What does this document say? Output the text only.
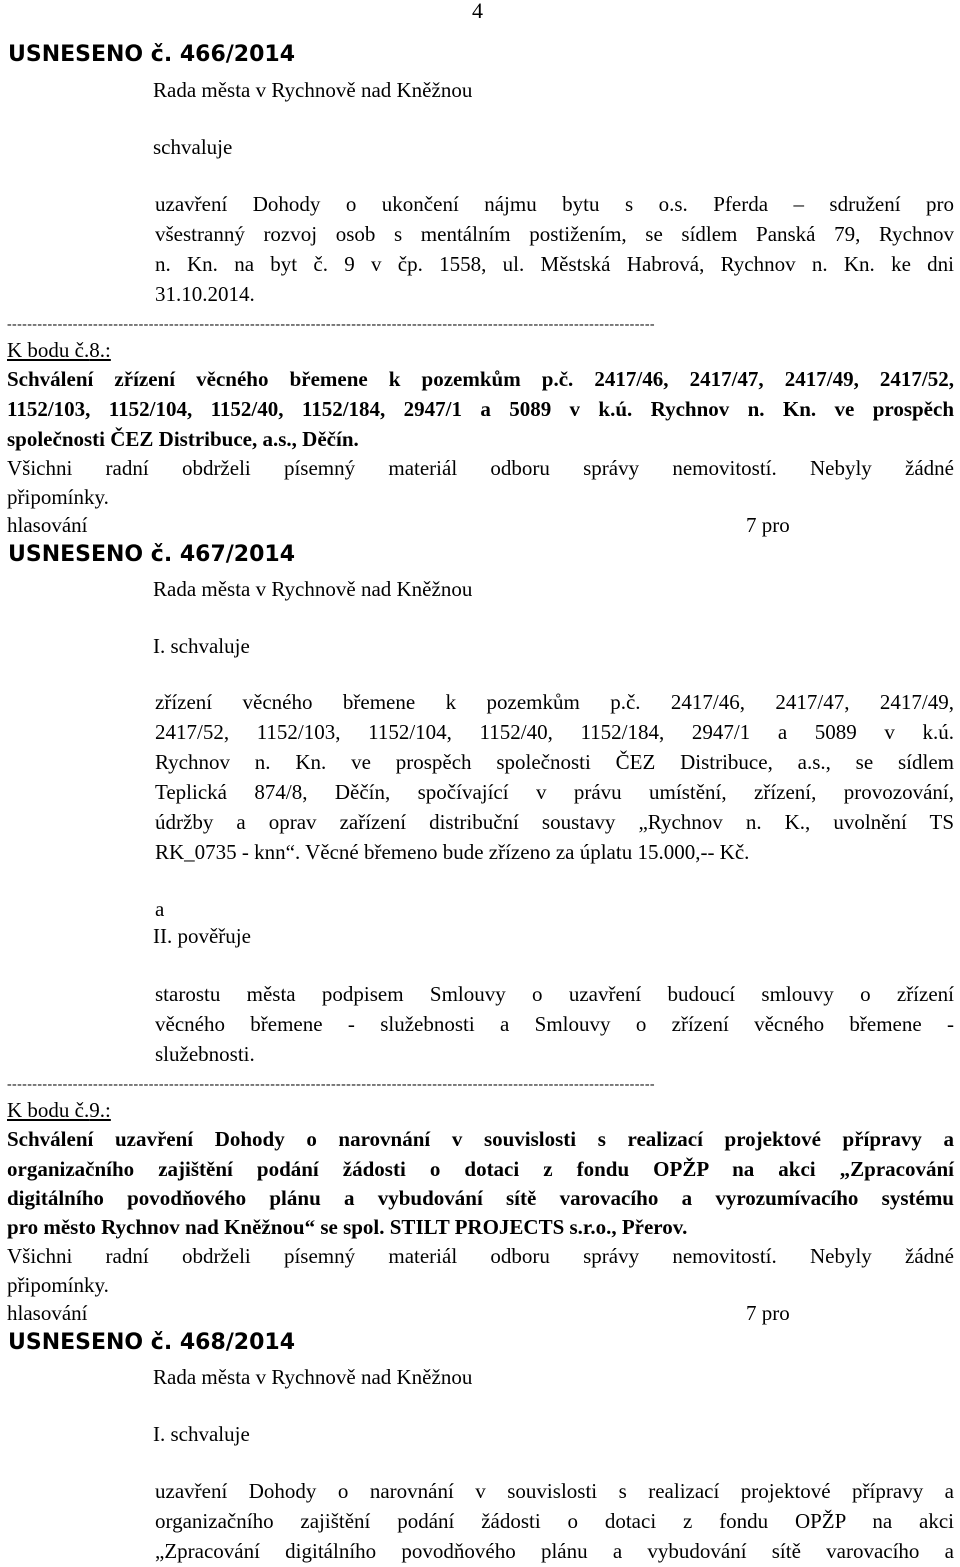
4
USNESENO č. 466/2014
Rada města v Rychnově nad Kněžnou
schvaluje
uzavření Dohody o ukončení nájmu bytu s o.s. Pferda – sdružení pro
všestranný rozvoj osob s mentálním postižením, se sídlem Panská 79, Rychnov
n. Kn. na byt č. 9 v čp. 1558, ul. Městská Habrová, Rychnov n. Kn. ke dni
31.10.2014.
--------------------------------------------------------------------------------------------------------------------------------
K bodu č.8.:
Schválení zřízení věcného břemene k pozemkům p.č. 2417/46, 2417/47, 2417/49, 2417/52,
1152/103, 1152/104, 1152/40, 1152/184, 2947/1 a 5089 v k.ú. Rychnov n. Kn. ve prospěch
společnosti ČEZ Distribuce, a.s., Děčín.
Všichni radní obdrželi písemný materiál odboru správy nemovitostí. Nebyly žádné
připomínky.
hlasování	7 pro
USNESENO č. 467/2014
Rada města v Rychnově nad Kněžnou
I. schvaluje
zřízení věcného břemene k pozemkům p.č. 2417/46, 2417/47, 2417/49,
2417/52, 1152/103, 1152/104, 1152/40, 1152/184, 2947/1 a 5089 v k.ú.
Rychnov n. Kn. ve prospěch společnosti ČEZ Distribuce, a.s., se sídlem
Teplická 874/8, Děčín, spočívající v právu umístění, zřízení, provozování,
údržby a oprav zařízení distribuční soustavy „Rychnov n. K., uvolnění TS
RK_0735 - knn“. Věcné břemeno bude zřízeno za úplatu 15.000,-- Kč.
a
II. pověřuje
starostu města podpisem Smlouvy o uzavření budoucí smlouvy o zřízení
věcného břemene - služebnosti a Smlouvy o zřízení věcného břemene -
služebnosti.
--------------------------------------------------------------------------------------------------------------------------------
K bodu č.9.:
Schválení uzavření Dohody o narovnání v souvislosti s realizací projektové přípravy a
organizačního zajištění podání žádosti o dotaci z fondu OPŽP na akci „Zpracování
digitálního povodňového plánu a vybudování sítě varovacího a vyrozumívacího systému
pro město Rychnov nad Kněžnou“ se spol. STILT PROJECTS s.r.o., Přerov.
Všichni radní obdrželi písemný materiál odboru správy nemovitostí. Nebyly žádné
připomínky.
hlasování	7 pro
USNESENO č. 468/2014
Rada města v Rychnově nad Kněžnou
I. schvaluje
uzavření Dohody o narovnání v souvislosti s realizací projektové přípravy a
organizačního zajištění podání žádosti o dotaci z fondu OPŽP na akci
„Zpracování digitálního povodňového plánu a vybudování sítě varovacího a
